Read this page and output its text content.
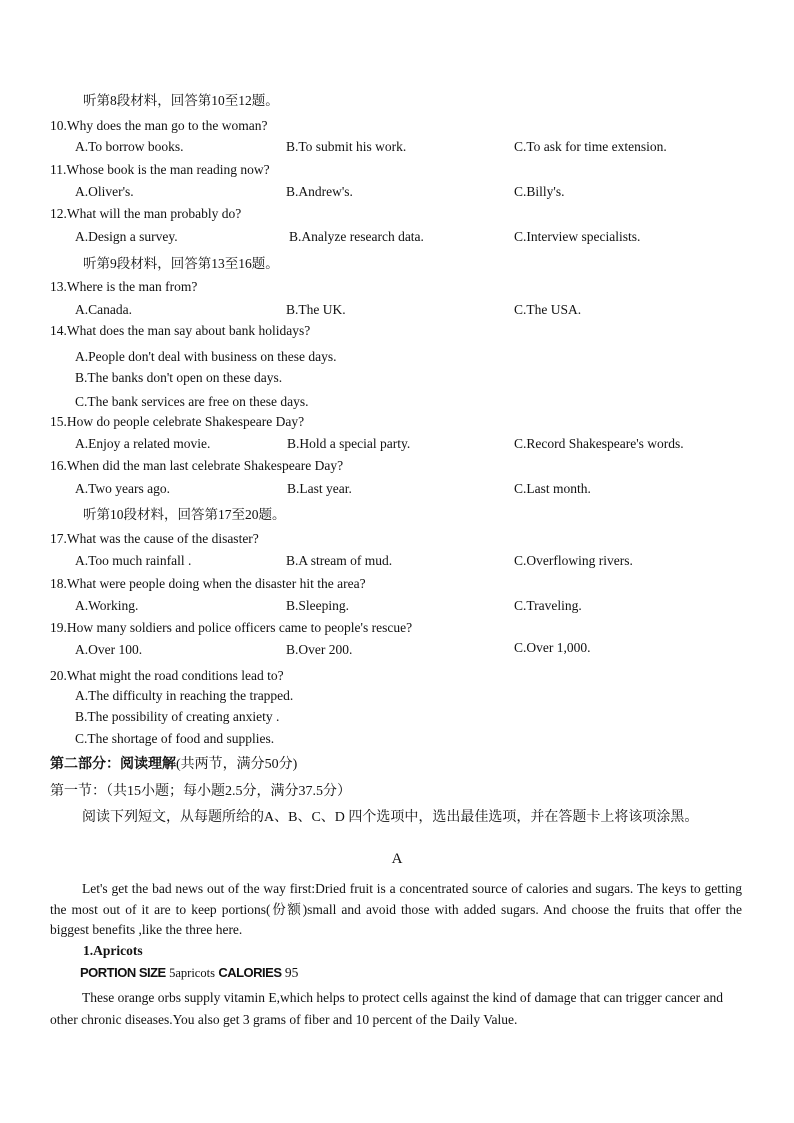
听第8段材料，回答第10至12题。
10.Why does the man go to the woman?
A.To borrow books.	B.To submit his work.	C.To ask for time extension.
11.Whose book is the man reading now?
A.Oliver's.	B.Andrew's.	C.Billy's.
12.What will the man probably do?
A.Design a survey.	B.Analyze research data.	C.Interview specialists.
听第9段材料，回答第13至16题。
13.Where is the man from?
A.Canada.	B.The UK.	C.The USA.
14.What does the man say about bank holidays?
A.People don't deal with business on these days.
B.The banks don't open on these days.
C.The bank services are free on these days.
15.How do people celebrate Shakespeare Day?
A.Enjoy a related movie.	B.Hold a special party.	C.Record Shakespeare's words.
16.When did the man last celebrate Shakespeare Day?
A.Two years ago.	B.Last year.	C.Last month.
听第10段材料，回答第17至20题。
17.What was the cause of the disaster?
A.Too much rainfall .	B.A stream of mud.	C.Overflowing rivers.
18.What were people doing when the disaster hit the area?
A.Working.	B.Sleeping.	C.Traveling.
19.How many soldiers and police officers came to people's rescue?
A.Over 100.	B.Over 200.	C.Over 1,000.
20.What might the road conditions lead to?
A.The difficulty in reaching the trapped.
B.The possibility of creating anxiety .
C.The shortage of food and supplies.
第二部分：阅读理解(共两节，满分50分)
第一节：（共15小题；每小题2.5分，满分37.5分）
阅读下列短文，从每题所给的A、B、C、D 四个选项中，选出最佳选项，并在答题卡上将该项涂黑。
A
Let's get the bad news out of the way first:Dried fruit is a concentrated source of calories and sugars. The keys to getting the most out of it are to keep portions(份额)small and avoid those with added sugars. And choose the fruits that offer the biggest benefits ,like the three here.
1.Apricots
PORTION SIZE 5apricots CALORIES 95
These orange orbs supply vitamin E,which helps to protect cells against the kind of damage that can trigger cancer and other chronic diseases.You also get 3 grams of fiber and 10 percent of the Daily Value.
